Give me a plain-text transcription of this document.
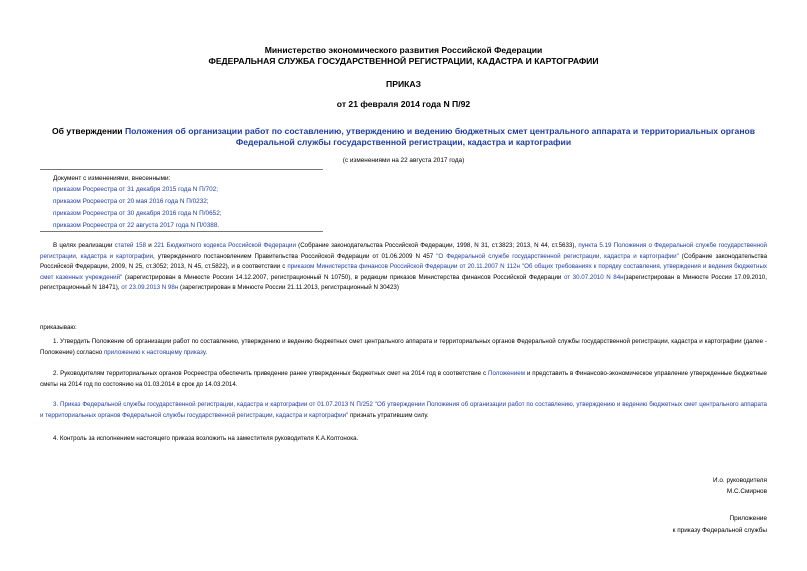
Министерство экономического развития Российской Федерации
ФЕДЕРАЛЬНАЯ СЛУЖБА ГОСУДАРСТВЕННОЙ РЕГИСТРАЦИИ, КАДАСТРА И КАРТОГРАФИИ
ПРИКАЗ
от 21 февраля 2014 года N П/92
Об утверждении Положения об организации работ по составлению, утверждению и ведению бюджетных смет центрального аппарата и территориальных органов Федеральной службы государственной регистрации, кадастра и картографии
(с изменениями на 22 августа 2017 года)
Документ с изменениями, внесенными:
приказом Росреестра от 31 декабря 2015 года N П/702;
приказом Росреестра от 20 мая 2016 года N П/0232;
приказом Росреестра от 30 декабря 2016 года N П/0652;
приказом Росреестра от 22 августа 2017 года N П/0388.
В целях реализации статей 158 и 221 Бюджетного кодекса Российской Федерации (Собрание законодательства Российской Федерации, 1998, N 31, ст.3823; 2013, N 44, ст.5633), пункта 5.19 Положения о Федеральной службе государственной регистрации, кадастра и картографии, утвержденного постановлением Правительства Российской Федерации от 01.06.2009 N 457 "О Федеральной службе государственной регистрации, кадастра и картографии" (Собрание законодательства Российской Федерации, 2009, N 25, ст.3052; 2013, N 45, ст.5822), и в соответствии с приказом Министерства финансов Российской Федерации от 20.11.2007 N 112н "Об общих требованиях к порядку составления, утверждения и ведения бюджетных смет казенных учреждений" (зарегистрирован в Минюсте России 14.12.2007, регистрационный N 10750), в редакции приказов Министерства финансов Российской Федерации от 30.07.2010 N 84н(зарегистрирован в Минюсте России 17.09.2010, регистрационный N 18471), от 23.09.2013 N 98н (зарегистрирован в Минюсте России 21.11.2013, регистрационный N 30423)
приказываю:
1. Утвердить Положение об организации работ по составлению, утверждению и ведению бюджетных смет центрального аппарата и территориальных органов Федеральной службы государственной регистрации, кадастра и картографии (далее - Положение) согласно приложению к настоящему приказу.
2. Руководителям территориальных органов Росреестра обеспечить приведение ранее утвержденных бюджетных смет на 2014 год в соответствие с Положением и представить в Финансово-экономическое управление утвержденные бюджетные сметы на 2014 год по состоянию на 01.03.2014 в срок до 14.03.2014.
3. Приказ Федеральной службы государственной регистрации, кадастра и картографии от 01.07.2013 N П/252 "Об утверждении Положения об организации работ по составлению, утверждению и ведению бюджетных смет центрального аппарата и территориальных органов Федеральной службы государственной регистрации, кадастра и картографии" признать утратившим силу.
4. Контроль за исполнением настоящего приказа возложить на заместителя руководителя К.А.Колтонока.
И.о. руководителя
М.С.Смирнов
Приложение
к приказу Федеральной службы
